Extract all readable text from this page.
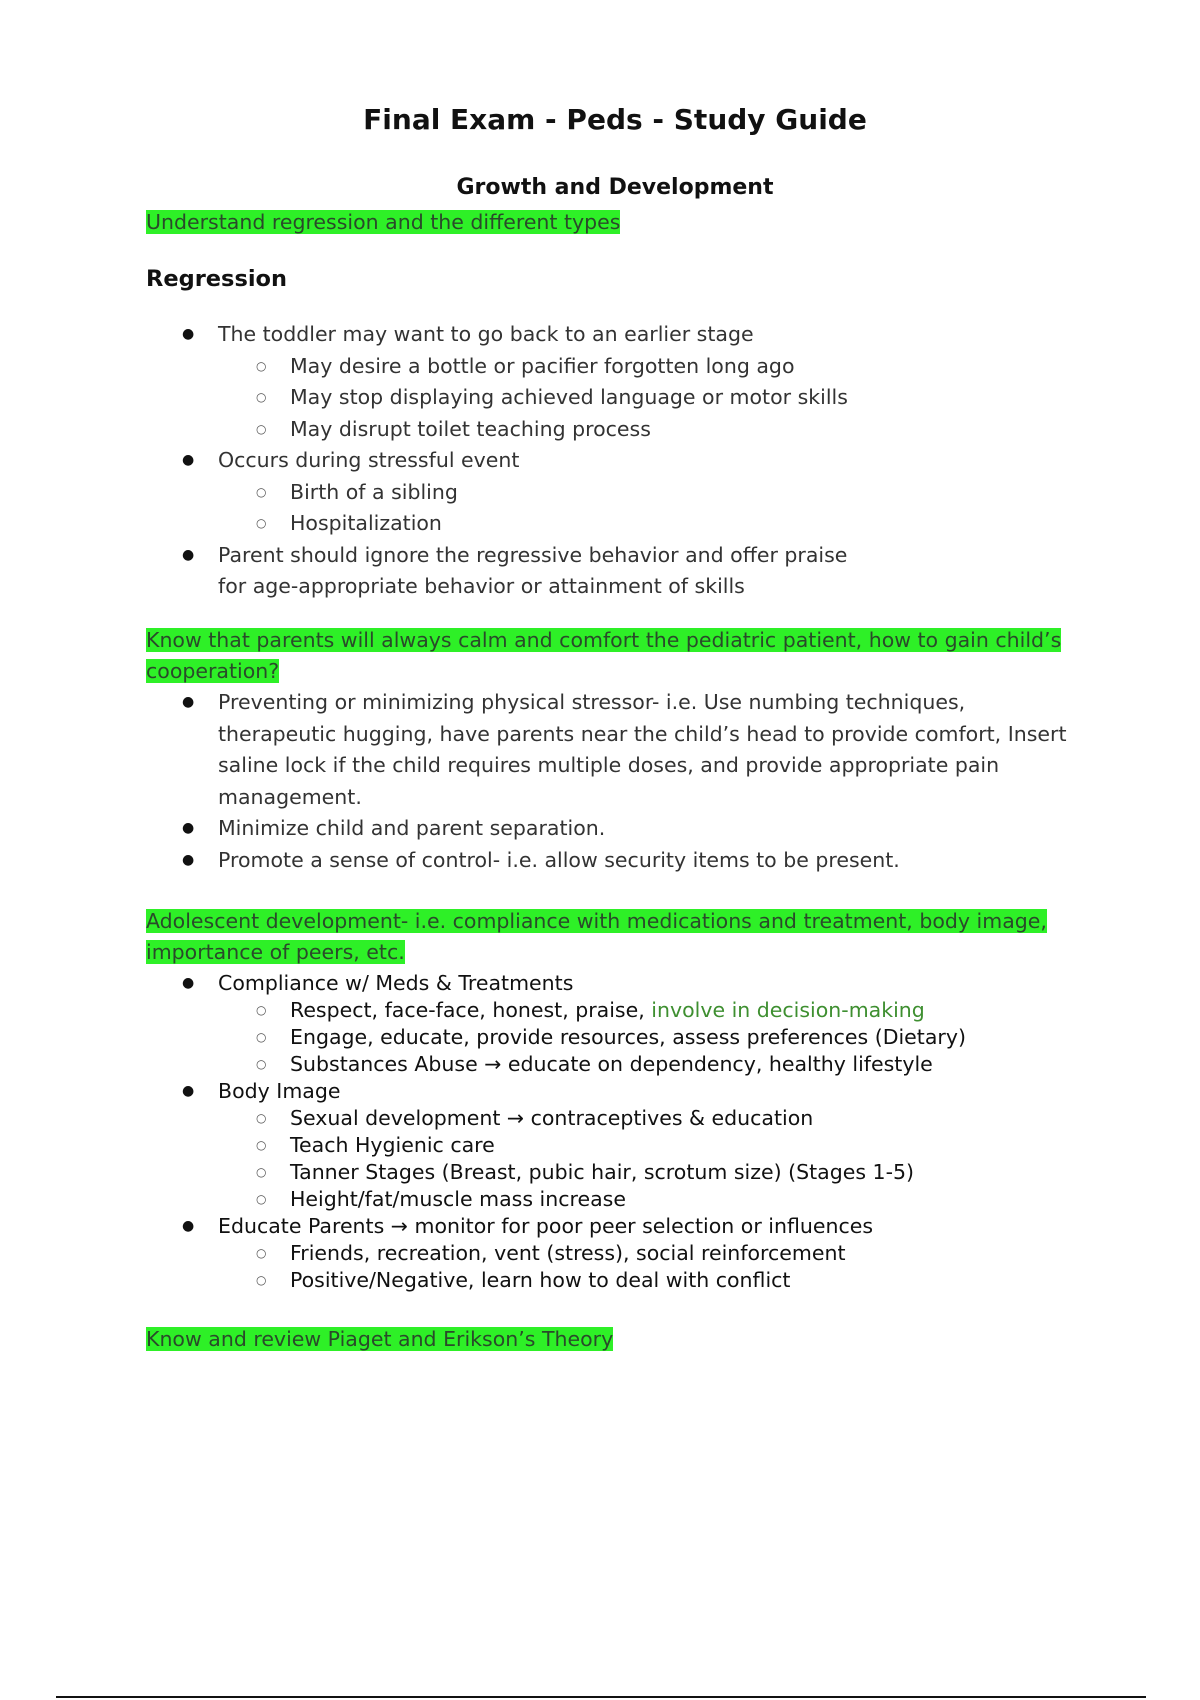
Final Exam - Peds - Study Guide
Growth and Development
Understand regression and the different types
Regression
● The toddler may want to go back to an earlier stage
○ May desire a bottle or pacifier forgotten long ago
○ May stop displaying achieved language or motor skills
○ May disrupt toilet teaching process
● Occurs during stressful event
○ Birth of a sibling
○ Hospitalization
● Parent should ignore the regressive behavior and offer praise for age-appropriate behavior or attainment of skills
Know that parents will always calm and comfort the pediatric patient, how to gain child’s cooperation?
● Preventing or minimizing physical stressor- i.e. Use numbing techniques, therapeutic hugging, have parents near the child’s head to provide comfort, Insert saline lock if the child requires multiple doses, and provide appropriate pain management.
● Minimize child and parent separation.
● Promote a sense of control- i.e. allow security items to be present.
Adolescent development- i.e. compliance with medications and treatment, body image, importance of peers, etc.
● Compliance w/ Meds & Treatments
○ Respect, face-face, honest, praise, involve in decision-making
○ Engage, educate, provide resources, assess preferences (Dietary)
○ Substances Abuse → educate on dependency, healthy lifestyle
● Body Image
○ Sexual development → contraceptives & education
○ Teach Hygienic care
○ Tanner Stages (Breast, pubic hair, scrotum size) (Stages 1-5)
○ Height/fat/muscle mass increase
● Educate Parents → monitor for poor peer selection or influences
○ Friends, recreation, vent (stress), social reinforcement
○ Positive/Negative, learn how to deal with conflict
Know and review Piaget and Erikson’s Theory
